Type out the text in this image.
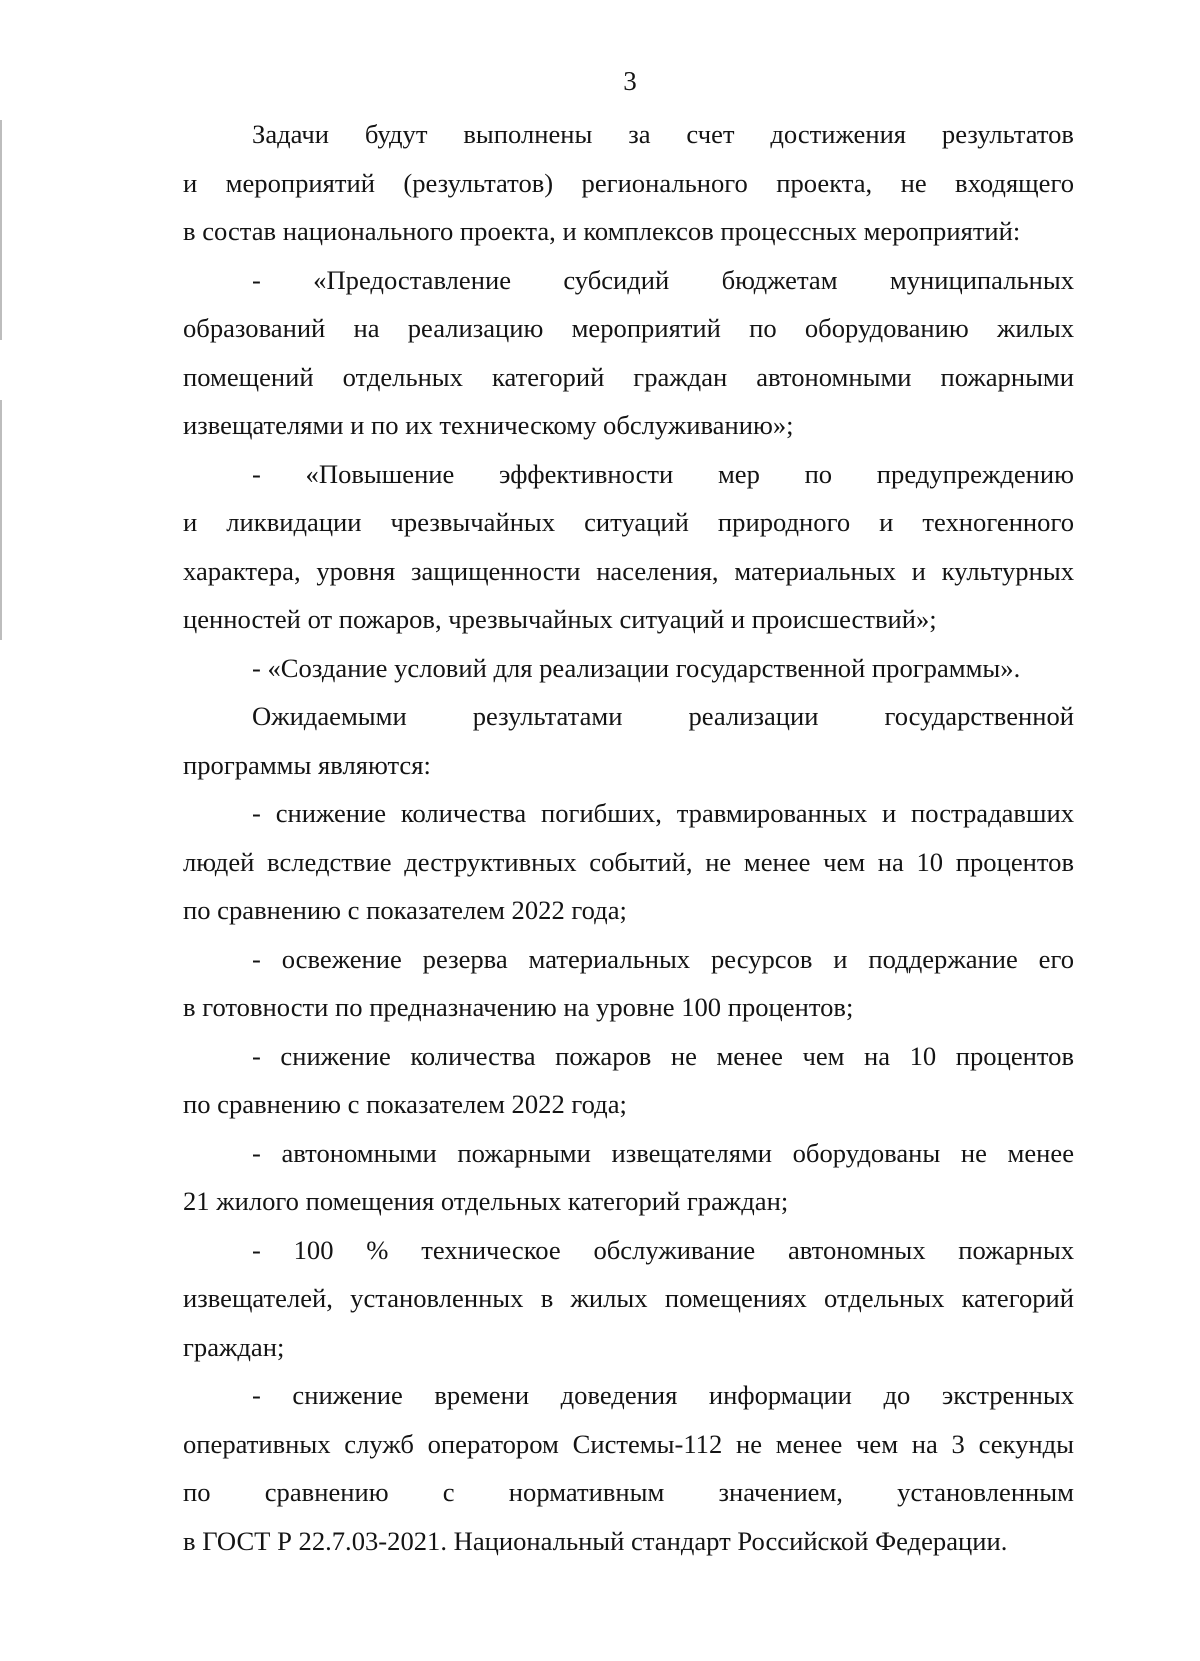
3

Задачи будут выполнены за счет достижения результатов
и мероприятий (результатов) регионального проекта, не входящего
в состав национального проекта, и комплексов процессных мероприятий:
- «Предоставление субсидий бюджетам муниципальных
образований на реализацию мероприятий по оборудованию жилых
помещений отдельных категорий граждан автономными пожарными
извещателями и по их техническому обслуживанию»;
- «Повышение эффективности мер по предупреждению
и ликвидации чрезвычайных ситуаций природного и техногенного
характера, уровня защищенности населения, материальных и культурных
ценностей от пожаров, чрезвычайных ситуаций и происшествий»;
- «Создание условий для реализации государственной программы».
Ожидаемыми результатами реализации государственной
программы являются:
- снижение количества погибших, травмированных и пострадавших
людей вследствие деструктивных событий, не менее чем на 10 процентов
по сравнению с показателем 2022 года;
- освежение резерва материальных ресурсов и поддержание его
в готовности по предназначению на уровне 100 процентов;
- снижение количества пожаров не менее чем на 10 процентов
по сравнению с показателем 2022 года;
- автономными пожарными извещателями оборудованы не менее
21 жилого помещения отдельных категорий граждан;
- 100 % техническое обслуживание автономных пожарных
извещателей, установленных в жилых помещениях отдельных категорий
граждан;
- снижение времени доведения информации до экстренных
оперативных служб оператором Системы-112 не менее чем на 3 секунды
по сравнению с нормативным значением, установленным
в ГОСТ Р 22.7.03-2021. Национальный стандарт Российской Федерации.
